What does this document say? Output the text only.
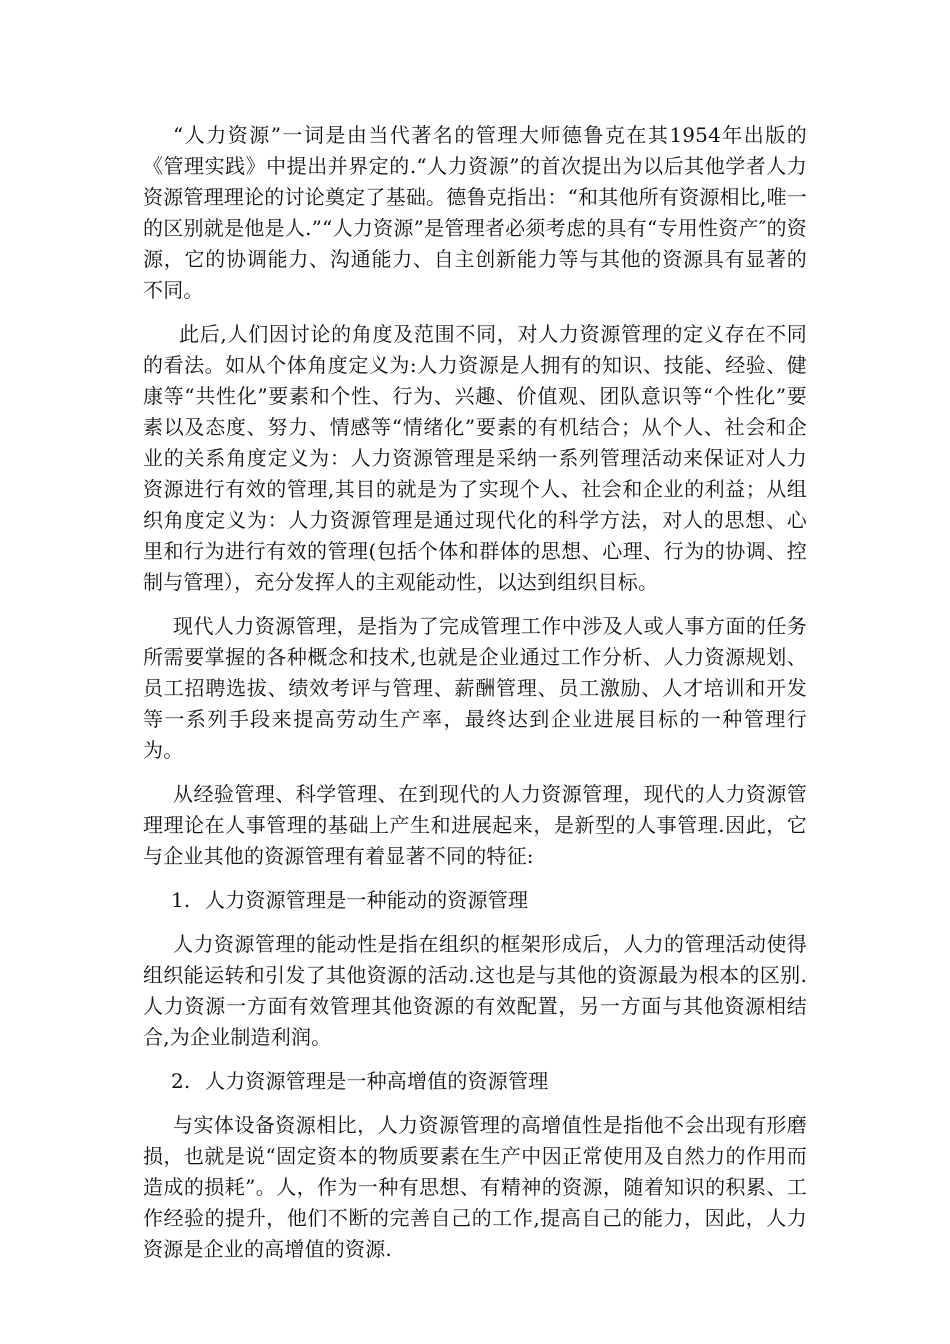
“人力资源”一词是由当代著名的管理大师德鲁克在其1954年出版的《管理实践》中提出并界定的.“人力资源”的首次提出为以后其他学者人力资源管理理论的讨论奠定了基础。德鲁克指出：“和其他所有资源相比,唯一的区别就是他是人.”“人力资源”是管理者必须考虑的具有“专用性资产″的资源，它的协调能力、沟通能力、自主创新能力等与其他的资源具有显著的不同。

此后,人们因讨论的角度及范围不同，对人力资源管理的定义存在不同的看法。如从个体角度定义为:人力资源是人拥有的知识、技能、经验、健康等“共性化”要素和个性、行为、兴趣、价值观、团队意识等“个性化”要素以及态度、努力、情感等“情绪化”要素的有机结合；从个人、社会和企业的关系角度定义为：人力资源管理是采纳一系列管理活动来保证对人力资源进行有效的管理,其目的就是为了实现个人、社会和企业的利益；从组织角度定义为：人力资源管理是通过现代化的科学方法，对人的思想、心里和行为进行有效的管理(包括个体和群体的思想、心理、行为的协调、控制与管理），充分发挥人的主观能动性，以达到组织目标。

现代人力资源管理，是指为了完成管理工作中涉及人或人事方面的任务所需要掌握的各种概念和技术,也就是企业通过工作分析、人力资源规划、员工招聘选拔、绩效考评与管理、薪酬管理、员工激励、人才培训和开发等一系列手段来提高劳动生产率，最终达到企业进展目标的一种管理行为。

从经验管理、科学管理、在到现代的人力资源管理，现代的人力资源管理理论在人事管理的基础上产生和进展起来，是新型的人事管理.因此，它与企业其他的资源管理有着显著不同的特征:

1. 人力资源管理是一种能动的资源管理

人力资源管理的能动性是指在组织的框架形成后，人力的管理活动使得组织能运转和引发了其他资源的活动.这也是与其他的资源最为根本的区别.人力资源一方面有效管理其他资源的有效配置，另一方面与其他资源相结合,为企业制造利润。

2. 人力资源管理是一种高增值的资源管理

与实体设备资源相比，人力资源管理的高增值性是指他不会出现有形磨损，也就是说“固定资本的物质要素在生产中因正常使用及自然力的作用而造成的损耗”。人，作为一种有思想、有精神的资源，随着知识的积累、工作经验的提升，他们不断的完善自己的工作,提高自己的能力，因此，人力资源是企业的高增值的资源.
